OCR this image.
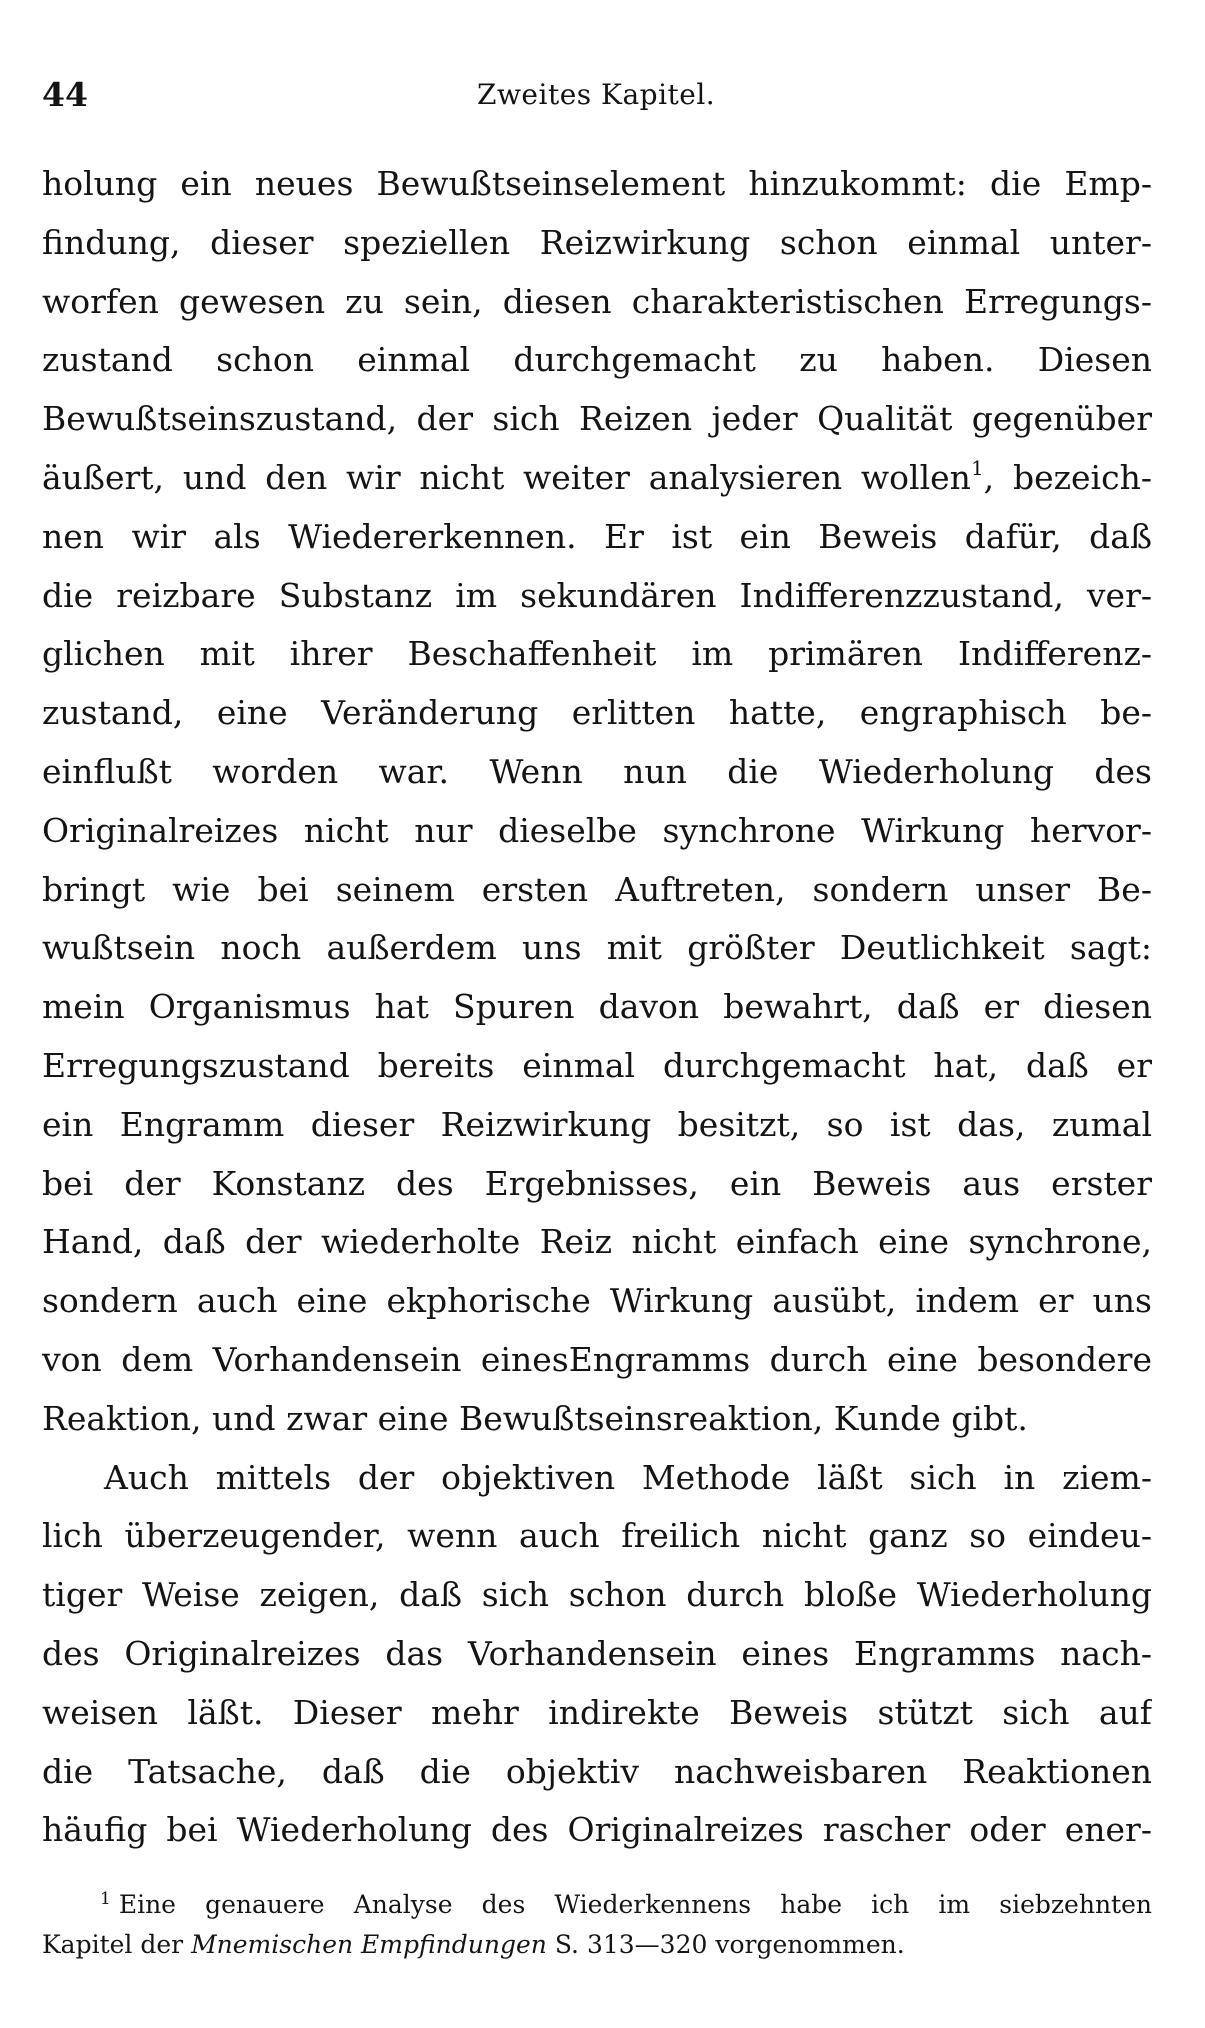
44	Zweites Kapitel.
holung ein neues Bewußtseinselement hinzukommt: die Emp-
findung, dieser speziellen Reizwirkung schon einmal unter-
worfen gewesen zu sein, diesen charakteristischen Erregungs-
zustand schon einmal durchgemacht zu haben. Diesen
Bewußtseinszustand, der sich Reizen jeder Qualität gegenüber
äußert, und den wir nicht weiter analysieren wollen$^1$, bezeich-
nen wir als Wiedererkennen. Er ist ein Beweis dafür, daß
die reizbare Substanz im sekundären Indifferenzzustand, ver-
glichen mit ihrer Beschaffenheit im primären Indifferenz-
zustand, eine Veränderung erlitten hatte, engraphisch be-
einflußt worden war. Wenn nun die Wiederholung des
Originalreizes nicht nur dieselbe synchrone Wirkung hervor-
bringt wie bei seinem ersten Auftreten, sondern unser Be-
wußtsein noch außerdem uns mit größter Deutlichkeit sagt:
mein Organismus hat Spuren davon bewahrt, daß er diesen
Erregungszustand bereits einmal durchgemacht hat, daß er
ein Engramm dieser Reizwirkung besitzt, so ist das, zumal
bei der Konstanz des Ergebnisses, ein Beweis aus erster
Hand, daß der wiederholte Reiz nicht einfach eine synchrone,
sondern auch eine ekphorische Wirkung ausübt, indem er uns
von dem Vorhandensein einesEngramms durch eine besondere
Reaktion, und zwar eine Bewußtseinsreaktion, Kunde gibt.
Auch mittels der objektiven Methode läßt sich in ziem-
lich überzeugender, wenn auch freilich nicht ganz so eindeu-
tiger Weise zeigen, daß sich schon durch bloße Wiederholung
des Originalreizes das Vorhandensein eines Engramms nach-
weisen läßt. Dieser mehr indirekte Beweis stützt sich auf
die Tatsache, daß die objektiv nachweisbaren Reaktionen
häufig bei Wiederholung des Originalreizes rascher oder ener-
$^1$ Eine genauere Analyse des Wiederkennens habe ich im siebzehnten
Kapitel der Mnemischen Empfindungen S. 313—320 vorgenommen.
